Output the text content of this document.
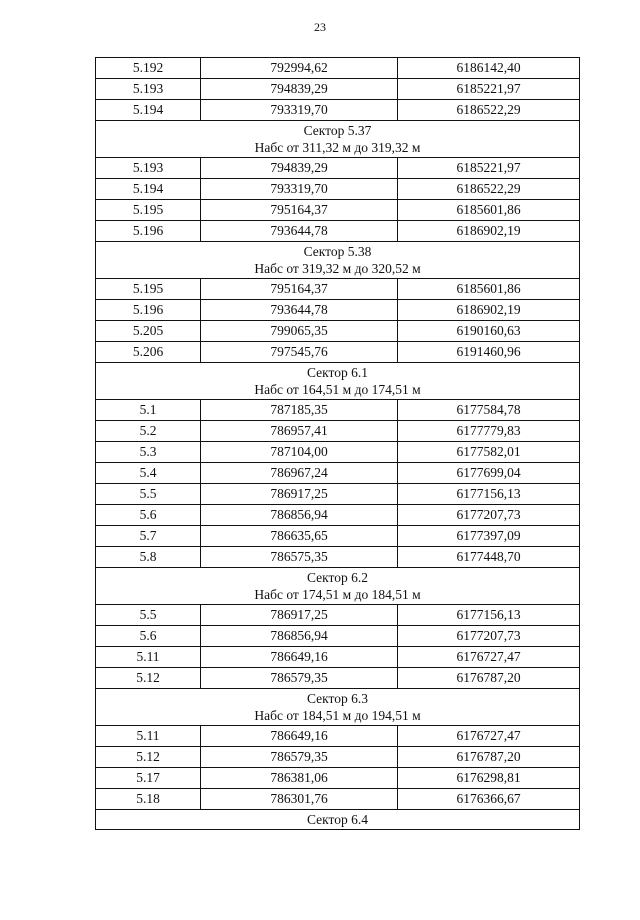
23
5.192	792994,62	6186142,40
5.193	794839,29	6185221,97
5.194	793319,70	6186522,29

Сектор 5.37
Набс от 311,32 м до 319,32 м		

5.193	794839,29	6185221,97
5.194	793319,70	6186522,29
5.195	795164,37	6185601,86
5.196	793644,78	6186902,19

Сектор 5.38
Набс от 319,32 м до 320,52 м		

5.195	795164,37	6185601,86
5.196	793644,78	6186902,19
5.205	799065,35	6190160,63
5.206	797545,76	6191460,96

Сектор 6.1
Набс от 164,51 м до 174,51 м		

5.1	787185,35	6177584,78
5.2	786957,41	6177779,83
5.3	787104,00	6177582,01
5.4	786967,24	6177699,04
5.5	786917,25	6177156,13
5.6	786856,94	6177207,73
5.7	786635,65	6177397,09
5.8	786575,35	6177448,70

Сектор 6.2
Набс от 174,51 м до 184,51 м		

5.5	786917,25	6177156,13
5.6	786856,94	6177207,73
5.11	786649,16	6176727,47
5.12	786579,35	6176787,20

Сектор 6.3
Набс от 184,51 м до 194,51 м		

5.11	786649,16	6176727,47
5.12	786579,35	6176787,20
5.17	786381,06	6176298,81
5.18	786301,76	6176366,67

Сектор 6.4		
